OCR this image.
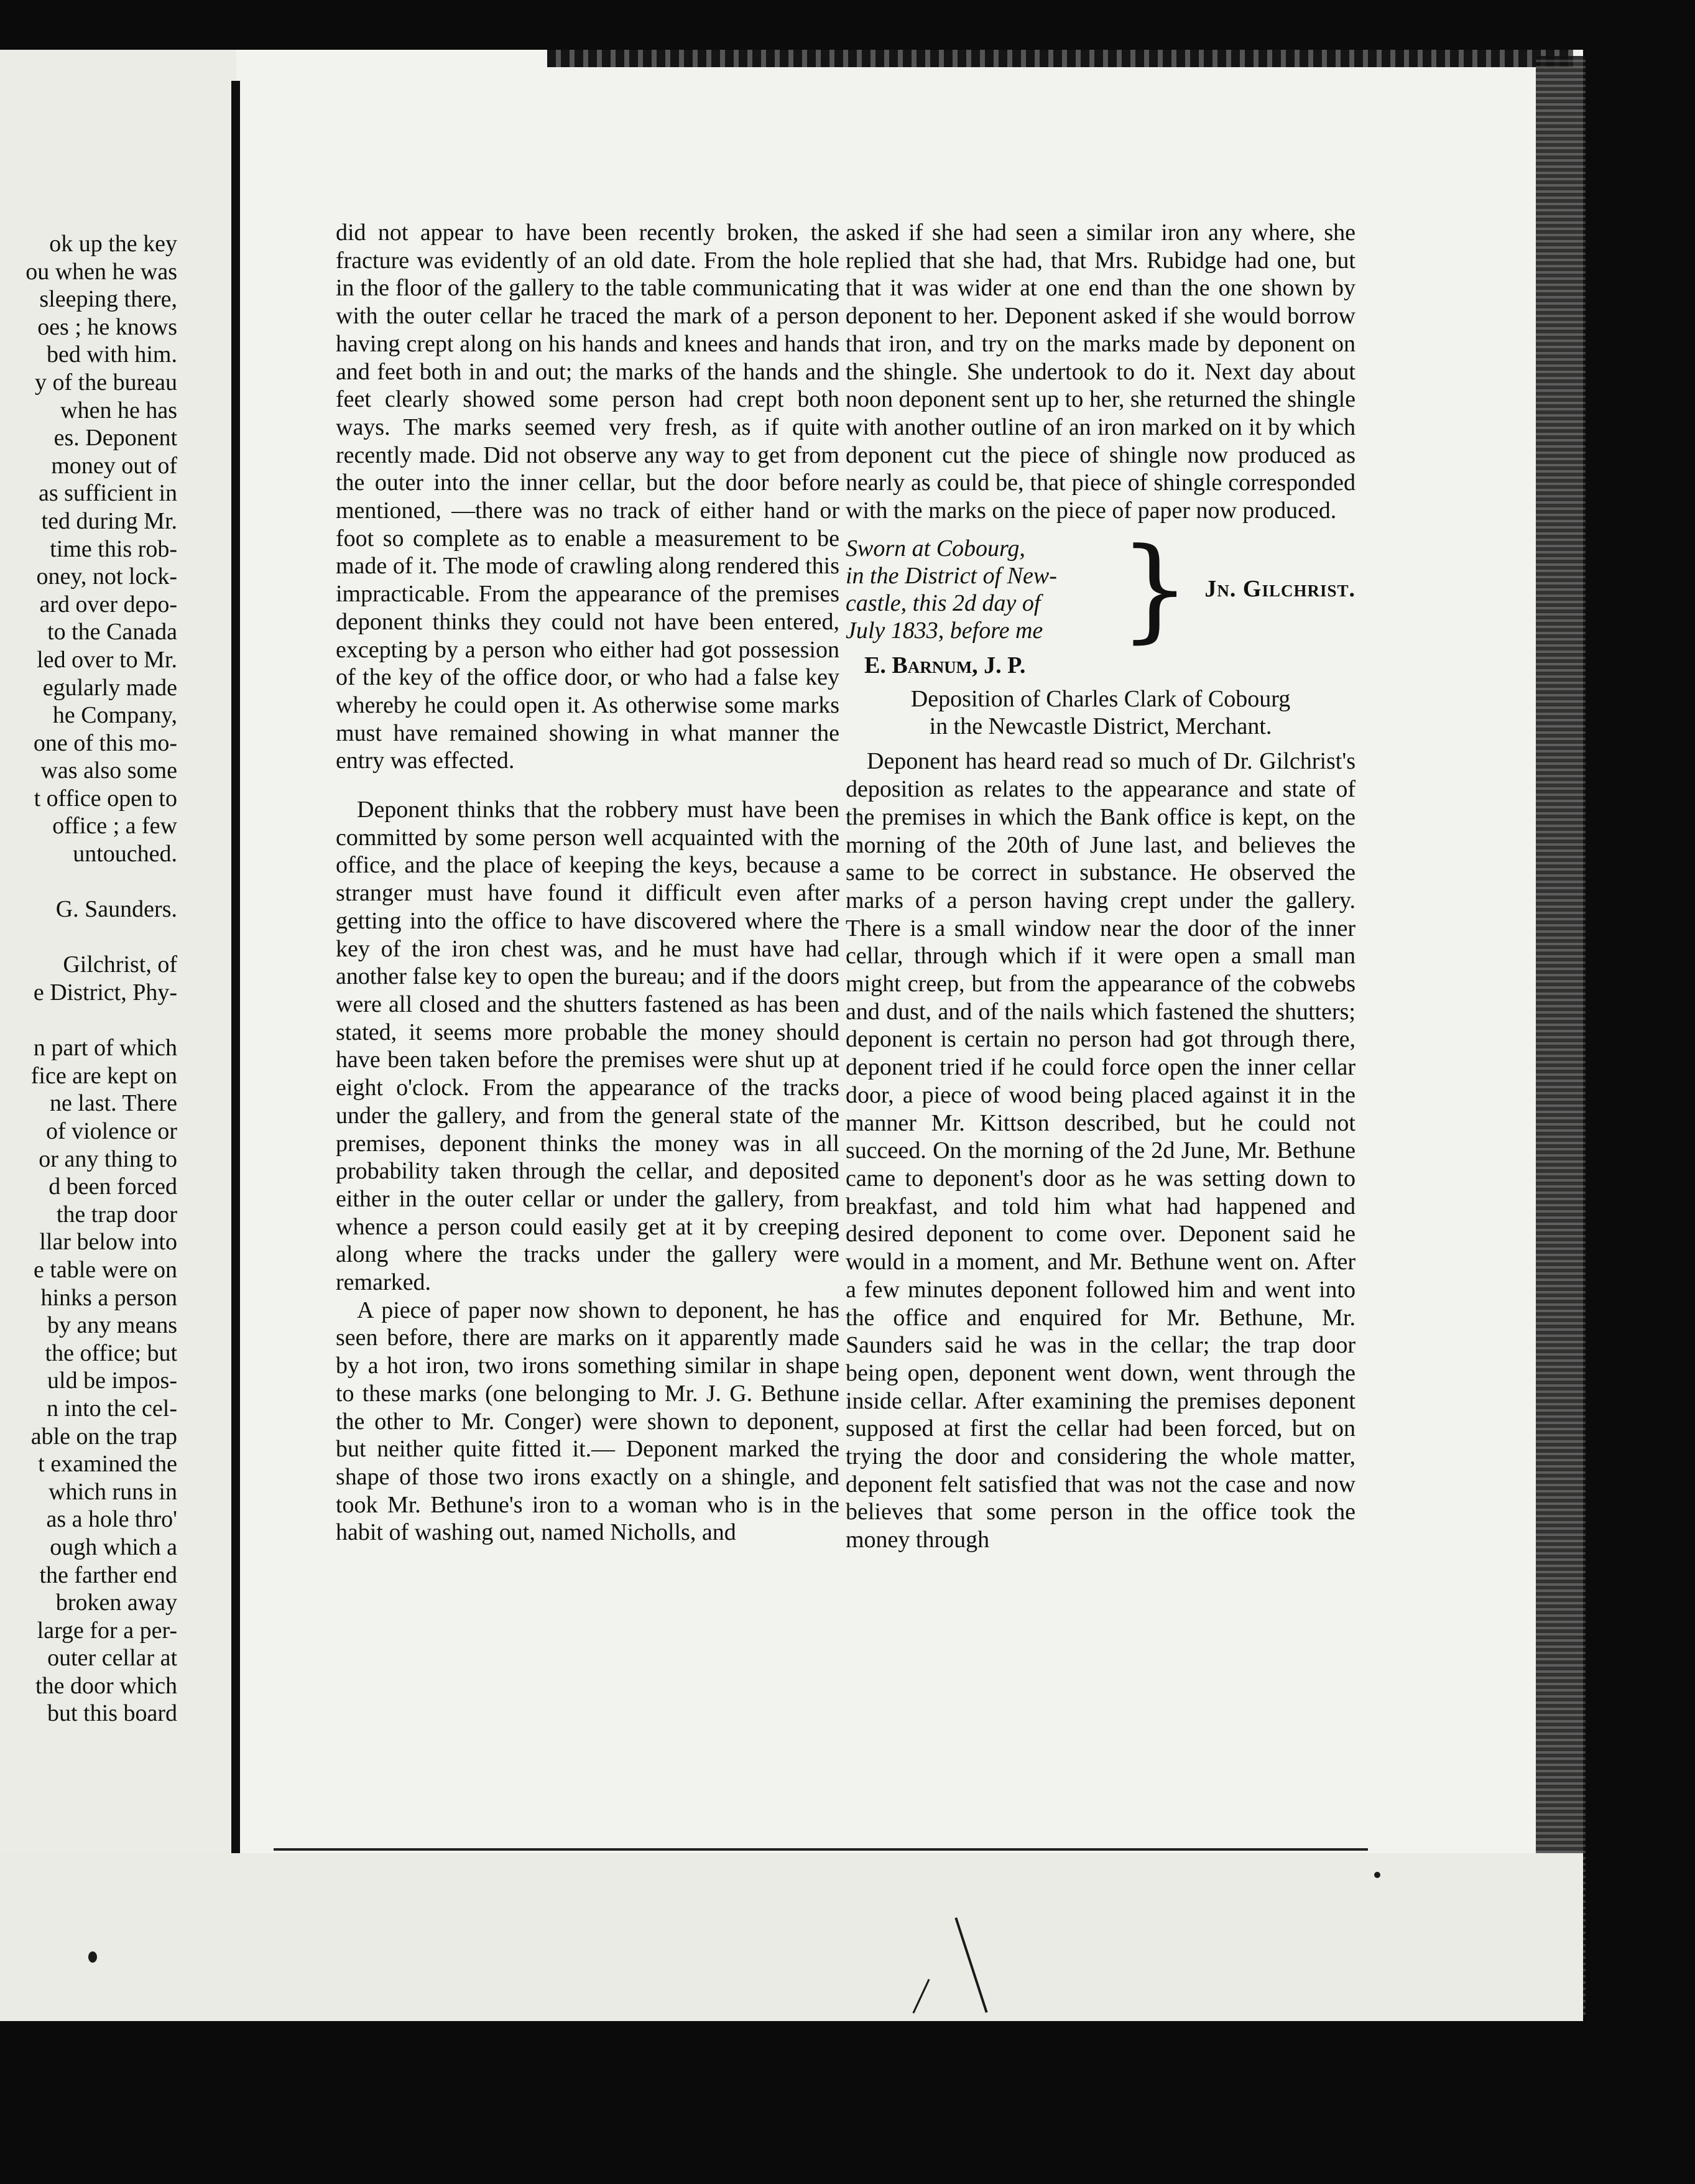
ok up the key
ou when he was
sleeping there,
oes ; he knows
bed with him.
y of the bureau
when he has
es. Deponent
money out of
as sufficient in
ted during Mr.
time this rob-
oney, not lock-
ard over depo-
to the Canada
led over to Mr.
egularly made
he Company,
one of this mo-
was also some
t office open to
office ; a few
untouched.

G. Saunders.

Gilchrist, of
e District, Phy-

n part of which
fice are kept on
ne last. There
of violence or
or any thing to
d been forced
the trap door
llar below into
e table were on
hinks a person
by any means
the office; but
uld be impos-
n into the cel-
able on the trap
t examined the
which runs in
as a hole thro'
ough which a
the farther end
broken away
large for a per-
outer cellar at
the door which
but this board

did not appear to have been recently broken, the fracture was evidently of an old date. From the hole in the floor of the gallery to the table communicating with the outer cellar he traced the mark of a person having crept along on his hands and knees and hands and feet both in and out; the marks of the hands and feet clearly showed some person had crept both ways. The marks seemed very fresh, as if quite recently made. Did not observe any way to get from the outer into the inner cellar, but the door before mentioned, —there was no track of either hand or foot so complete as to enable a measurement to be made of it. The mode of crawling along rendered this impracticable. From the appearance of the premises deponent thinks they could not have been entered, excepting by a person who either had got possession of the key of the office door, or who had a false key whereby he could open it. As otherwise some marks must have remained showing in what manner the entry was effected.

Deponent thinks that the robbery must have been committed by some person well acquainted with the office, and the place of keeping the keys, because a stranger must have found it difficult even after getting into the office to have discovered where the key of the iron chest was, and he must have had another false key to open the bureau; and if the doors were all closed and the shutters fastened as has been stated, it seems more probable the money should have been taken before the premises were shut up at eight o'clock. From the appearance of the tracks under the gallery, and from the general state of the premises, deponent thinks the money was in all probability taken through the cellar, and deposited either in the outer cellar or under the gallery, from whence a person could easily get at it by creeping along where the tracks under the gallery were remarked.

A piece of paper now shown to deponent, he has seen before, there are marks on it apparently made by a hot iron, two irons something similar in shape to these marks (one belonging to Mr. J. G. Bethune the other to Mr. Conger) were shown to deponent, but neither quite fitted it.— Deponent marked the shape of those two irons exactly on a shingle, and took Mr. Bethune's iron to a woman who is in the habit of washing out, named Nicholls, and

asked if she had seen a similar iron any where, she replied that she had, that Mrs. Rubidge had one, but that it was wider at one end than the one shown by deponent to her. Deponent asked if she would borrow that iron, and try on the marks made by deponent on the shingle. She undertook to do it. Next day about noon deponent sent up to her, she returned the shingle with another outline of an iron marked on it by which deponent cut the piece of shingle now produced as nearly as could be, that piece of shingle corresponded with the marks on the piece of paper now produced.

Sworn at Cobourg,
in the District of New-
castle, this 2d day of
July 1833, before me } Jn. Gilchrist.
E. Barnum, J. P.
Deposition of Charles Clark of Cobourg
in the Newcastle District, Merchant.

Deponent has heard read so much of Dr. Gilchrist's deposition as relates to the appearance and state of the premises in which the Bank office is kept, on the morning of the 20th of June last, and believes the same to be correct in substance. He observed the marks of a person having crept under the gallery. There is a small window near the door of the inner cellar, through which if it were open a small man might creep, but from the appearance of the cobwebs and dust, and of the nails which fastened the shutters; deponent is certain no person had got through there, deponent tried if he could force open the inner cellar door, a piece of wood being placed against it in the manner Mr. Kittson described, but he could not succeed. On the morning of the 2d June, Mr. Bethune came to deponent's door as he was setting down to breakfast, and told him what had happened and desired deponent to come over. Deponent said he would in a moment, and Mr. Bethune went on. After a few minutes deponent followed him and went into the office and enquired for Mr. Bethune, Mr. Saunders said he was in the cellar; the trap door being open, deponent went down, went through the inside cellar. After examining the premises deponent supposed at first the cellar had been forced, but on trying the door and considering the whole matter, deponent felt satisfied that was not the case and now believes that some person in the office took the money through
